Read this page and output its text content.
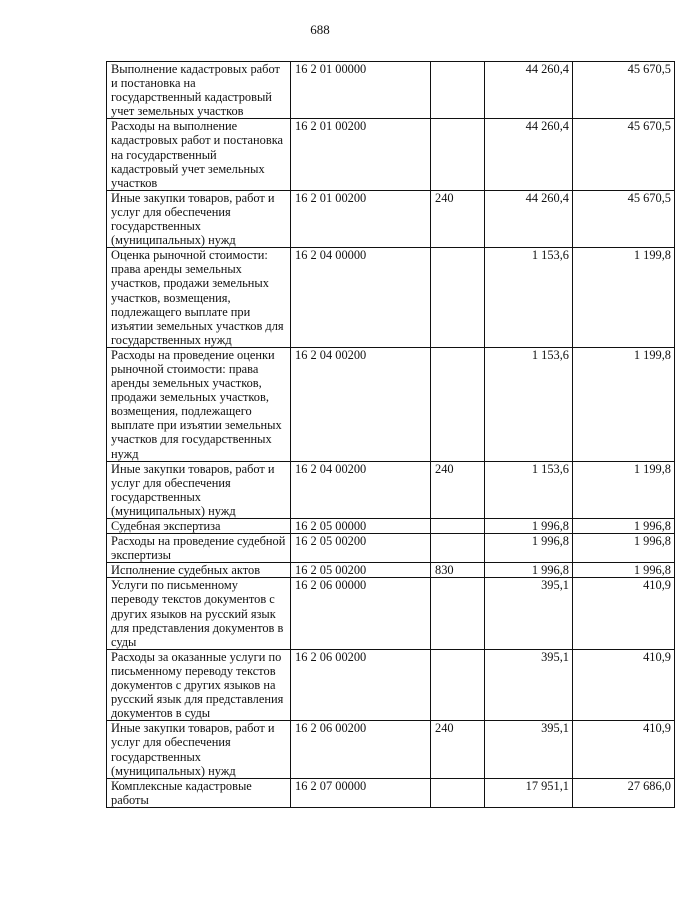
688
Выполнение кадастровых работ и постановка на государственный кадастровый учет земельных участков	16 2 01 00000		44 260,4	45 670,5
Расходы на выполнение кадастровых работ и постановка на государственный кадастровый учет земельных участков	16 2 01 00200		44 260,4	45 670,5
Иные закупки товаров, работ и услуг для обеспечения государственных (муниципальных) нужд	16 2 01 00200	240	44 260,4	45 670,5
Оценка рыночной стоимости: права аренды земельных участков, продажи земельных участков, возмещения, подлежащего выплате при изъятии земельных участков для государственных нужд	16 2 04 00000		1 153,6	1 199,8
Расходы на проведение оценки рыночной стоимости: права аренды земельных участков, продажи земельных участков, возмещения, подлежащего выплате при изъятии земельных участков для государственных нужд	16 2 04 00200		1 153,6	1 199,8
Иные закупки товаров, работ и услуг для обеспечения государственных (муниципальных) нужд	16 2 04 00200	240	1 153,6	1 199,8
Судебная экспертиза	16 2 05 00000		1 996,8	1 996,8
Расходы на проведение судебной экспертизы	16 2 05 00200		1 996,8	1 996,8
Исполнение судебных актов	16 2 05 00200	830	1 996,8	1 996,8
Услуги по письменному переводу текстов документов с других языков на русский язык для представления документов в суды	16 2 06 00000		395,1	410,9
Расходы за оказанные услуги по письменному переводу текстов документов с других языков на русский язык для представления документов в суды	16 2 06 00200		395,1	410,9
Иные закупки товаров, работ и услуг для обеспечения государственных (муниципальных) нужд	16 2 06 00200	240	395,1	410,9
Комплексные кадастровые работы	16 2 07 00000		17 951,1	27 686,0
